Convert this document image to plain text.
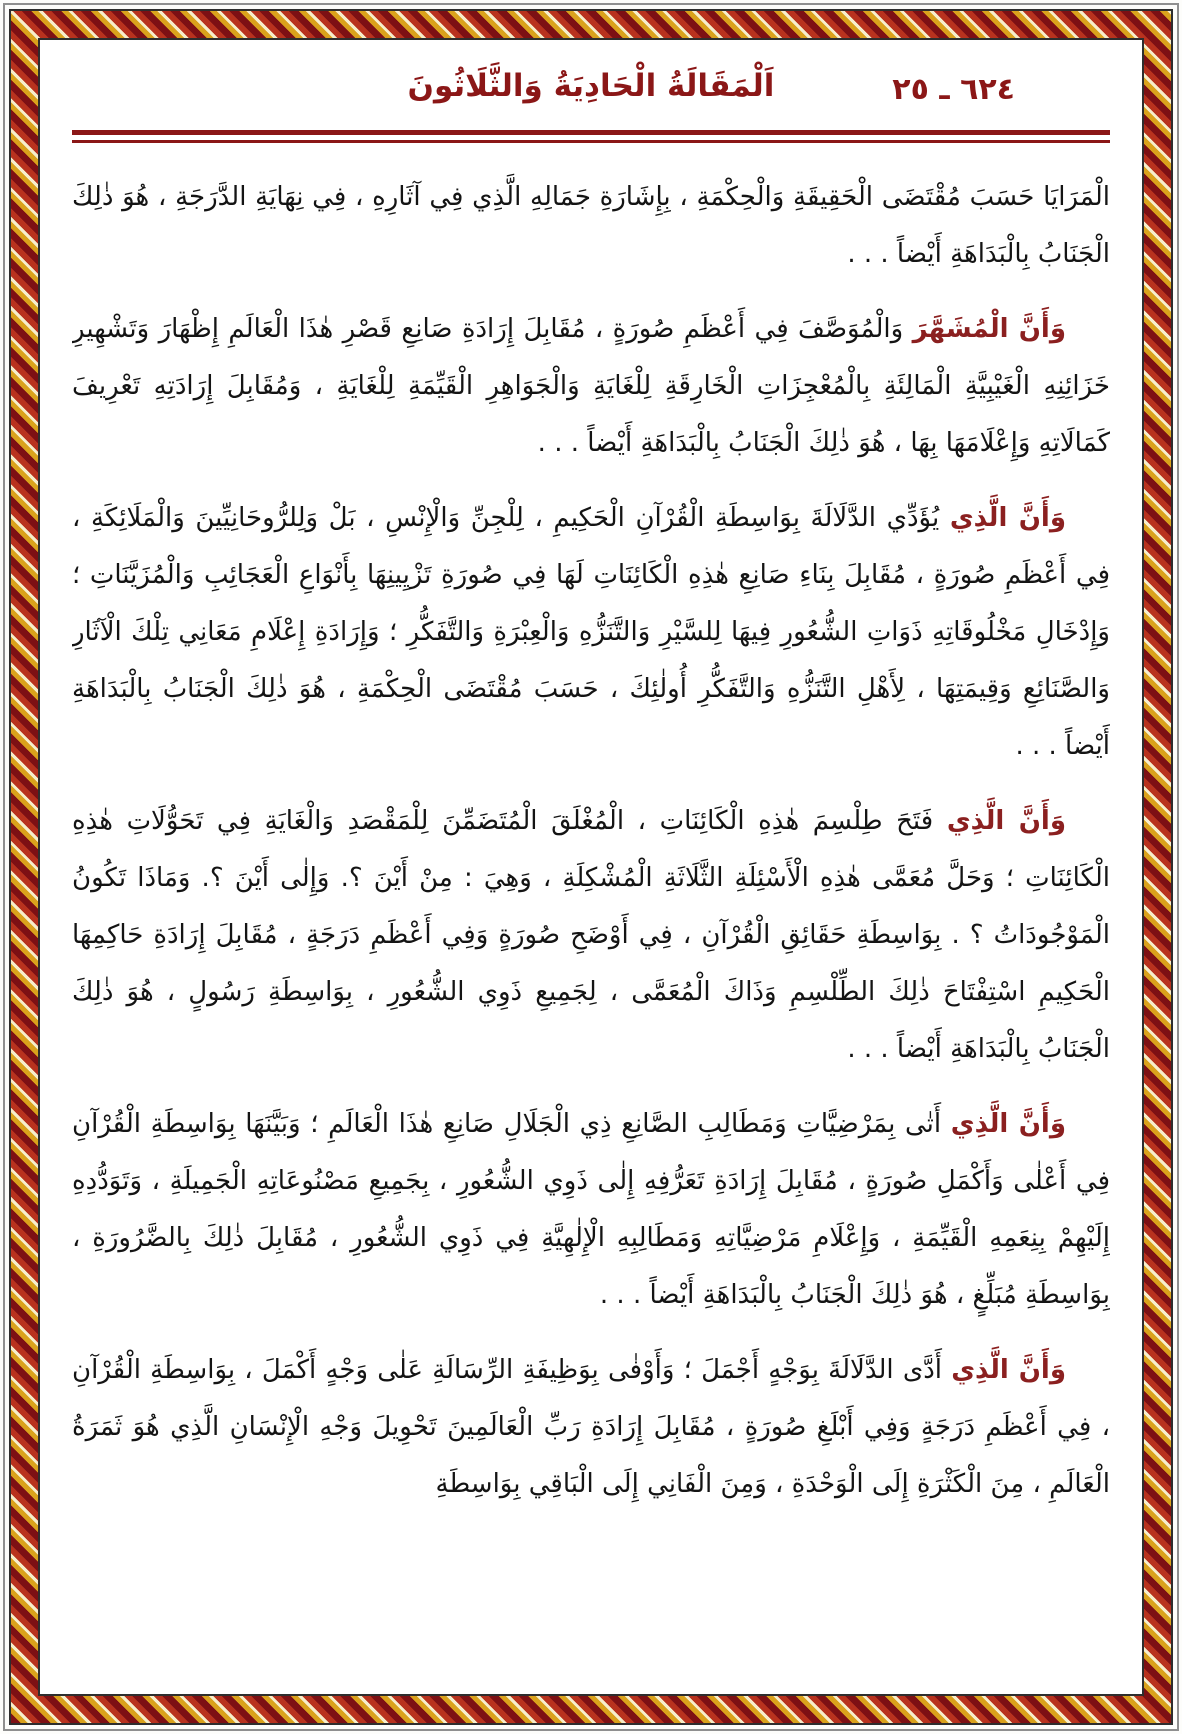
٦٢٤ ـ ٢٥
اَلْمَقَالَةُ الْحَادِيَةُ وَالثَّلَاثُونَ

الْمَرَايَا حَسَبَ مُقْتَضَى الْحَقِيقَةِ وَالْحِكْمَةِ ، بِإِشَارَةِ جَمَالِهِ الَّذِي فِي آثَارِهِ ، فِي نِهَايَةِ الدَّرَجَةِ ، هُوَ ذٰلِكَ الْجَنَابُ بِالْبَدَاهَةِ أَيْضاً . . .

وَأَنَّ الْمُشَهَّرَ وَالْمُوَصَّفَ فِي أَعْظَمِ صُورَةٍ ، مُقَابِلَ إِرَادَةِ صَانِعِ قَصْرِ هٰذَا الْعَالَمِ إِظْهَارَ وَتَشْهِيرِ خَزَائِنِهِ الْغَيْبِيَّةِ الْمَالِئَةِ بِالْمُعْجِزَاتِ الْخَارِقَةِ لِلْغَايَةِ وَالْجَوَاهِرِ الْقَيِّمَةِ لِلْغَايَةِ ، وَمُقَابِلَ إِرَادَتِهِ تَعْرِيفَ كَمَالَاتِهِ وَإِعْلَامَهَا بِهَا ، هُوَ ذٰلِكَ الْجَنَابُ بِالْبَدَاهَةِ أَيْضاً . . .

وَأَنَّ الَّذِي يُؤَدِّي الدَّلَالَةَ بِوَاسِطَةِ الْقُرْآنِ الْحَكِيمِ ، لِلْجِنِّ وَالْإِنْسِ ، بَلْ وَلِلرُّوحَانِيِّينَ وَالْمَلَائِكَةِ ، فِي أَعْظَمِ صُورَةٍ ، مُقَابِلَ بِنَاءِ صَانِعِ هٰذِهِ الْكَائِنَاتِ لَهَا فِي صُورَةِ تَزْيِينِهَا بِأَنْوَاعِ الْعَجَائِبِ وَالْمُزَيَّنَاتِ ؛ وَإِدْخَالِ مَخْلُوقَاتِهِ ذَوَاتِ الشُّعُورِ فِيهَا لِلسَّيْرِ وَالتَّنَزُّهِ وَالْعِبْرَةِ وَالتَّفَكُّرِ ؛ وَإِرَادَةِ إِعْلَامِ مَعَانِي تِلْكَ الْآثَارِ وَالصَّنَائِعِ وَقِيمَتِهَا ، لِأَهْلِ التَّنَزُّهِ وَالتَّفَكُّرِ أُولٰئِكَ ، حَسَبَ مُقْتَضَى الْحِكْمَةِ ، هُوَ ذٰلِكَ الْجَنَابُ بِالْبَدَاهَةِ أَيْضاً . . .

وَأَنَّ الَّذِي فَتَحَ طِلْسِمَ هٰذِهِ الْكَائِنَاتِ ، الْمُغْلَقَ الْمُتَضَمِّنَ لِلْمَقْصَدِ وَالْغَايَةِ فِي تَحَوُّلَاتِ هٰذِهِ الْكَائِنَاتِ ؛ وَحَلَّ مُعَمَّى هٰذِهِ الْأَسْئِلَةِ الثَّلَاثَةِ الْمُشْكِلَةِ ، وَهِيَ : مِنْ أَيْنَ ؟. وَإِلٰى أَيْنَ ؟. وَمَاذَا تَكُونُ الْمَوْجُودَاتُ ؟ . بِوَاسِطَةِ حَقَائِقِ الْقُرْآنِ ، فِي أَوْضَحِ صُورَةٍ وَفِي أَعْظَمِ دَرَجَةٍ ، مُقَابِلَ إِرَادَةِ حَاكِمِهَا الْحَكِيمِ اسْتِفْتَاحَ ذٰلِكَ الطِّلْسِمِ وَذَاكَ الْمُعَمَّى ، لِجَمِيعِ ذَوِي الشُّعُورِ ، بِوَاسِطَةِ رَسُولٍ ، هُوَ ذٰلِكَ الْجَنَابُ بِالْبَدَاهَةِ أَيْضاً . . .

وَأَنَّ الَّذِي أَتٰى بِمَرْضِيَّاتِ وَمَطَالِبِ الصَّانِعِ ذِي الْجَلَالِ صَانِعِ هٰذَا الْعَالَمِ ؛ وَبَيَّنَهَا بِوَاسِطَةِ الْقُرْآنِ فِي أَعْلٰى وَأَكْمَلِ صُورَةٍ ، مُقَابِلَ إِرَادَةِ تَعَرُّفِهِ إِلٰى ذَوِي الشُّعُورِ ، بِجَمِيعِ مَصْنُوعَاتِهِ الْجَمِيلَةِ ، وَتَوَدُّدِهِ إِلَيْهِمْ بِنِعَمِهِ الْقَيِّمَةِ ، وَإِعْلَامِ مَرْضِيَّاتِهِ وَمَطَالِبِهِ الْإِلٰهِيَّةِ فِي ذَوِي الشُّعُورِ ، مُقَابِلَ ذٰلِكَ بِالضَّرُورَةِ ، بِوَاسِطَةِ مُبَلِّغٍ ، هُوَ ذٰلِكَ الْجَنَابُ بِالْبَدَاهَةِ أَيْضاً . . .

وَأَنَّ الَّذِي أَدَّى الدَّلَالَةَ بِوَجْهٍ أَجْمَلَ ؛ وَأَوْفٰى بِوَظِيفَةِ الرِّسَالَةِ عَلٰى وَجْهٍ أَكْمَلَ ، بِوَاسِطَةِ الْقُرْآنِ ، فِي أَعْظَمِ دَرَجَةٍ وَفِي أَبْلَغِ صُورَةٍ ، مُقَابِلَ إِرَادَةِ رَبِّ الْعَالَمِينَ تَحْوِيلَ وَجْهِ الْإِنْسَانِ الَّذِي هُوَ ثَمَرَةُ الْعَالَمِ ، مِنَ الْكَثْرَةِ إِلَى الْوَحْدَةِ ، وَمِنَ الْفَانِي إِلَى الْبَاقِي بِوَاسِطَةِ
